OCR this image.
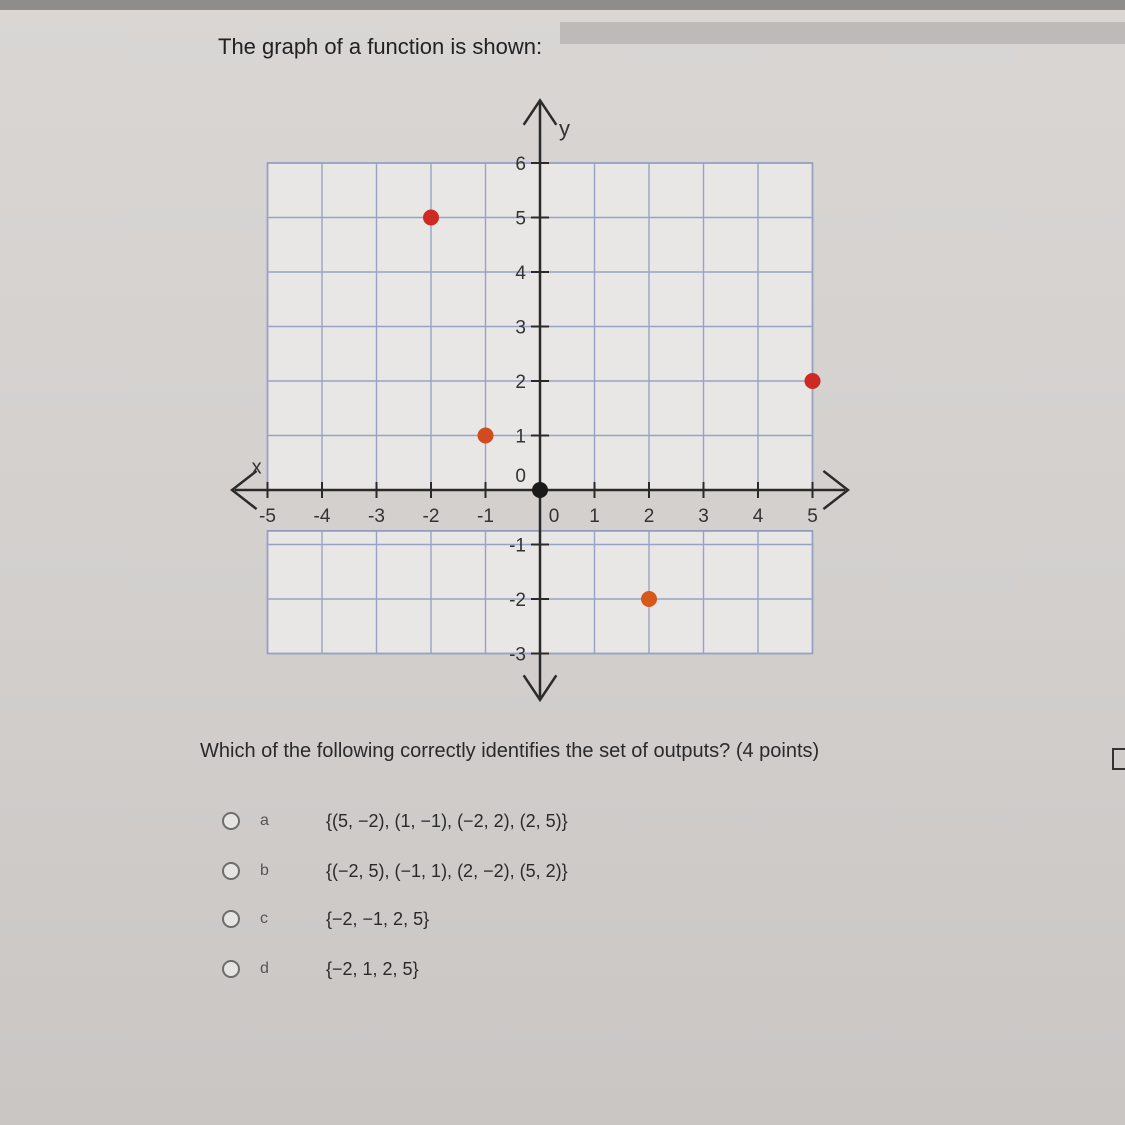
The graph of a function is shown:
-5 -4 -3 -2 -1	0 1 2 3 4 5
-3
-2
-1
0
1
2
3
4
5
6
x
y
Which of the following correctly identifies the set of outputs? (4 points)
a	{(5, −2), (1, −1), (−2, 2), (2, 5)}
b	{(−2, 5), (−1, 1), (2, −2), (5, 2)}
c	{−2, −1, 2, 5}
d	{−2, 1, 2, 5}
